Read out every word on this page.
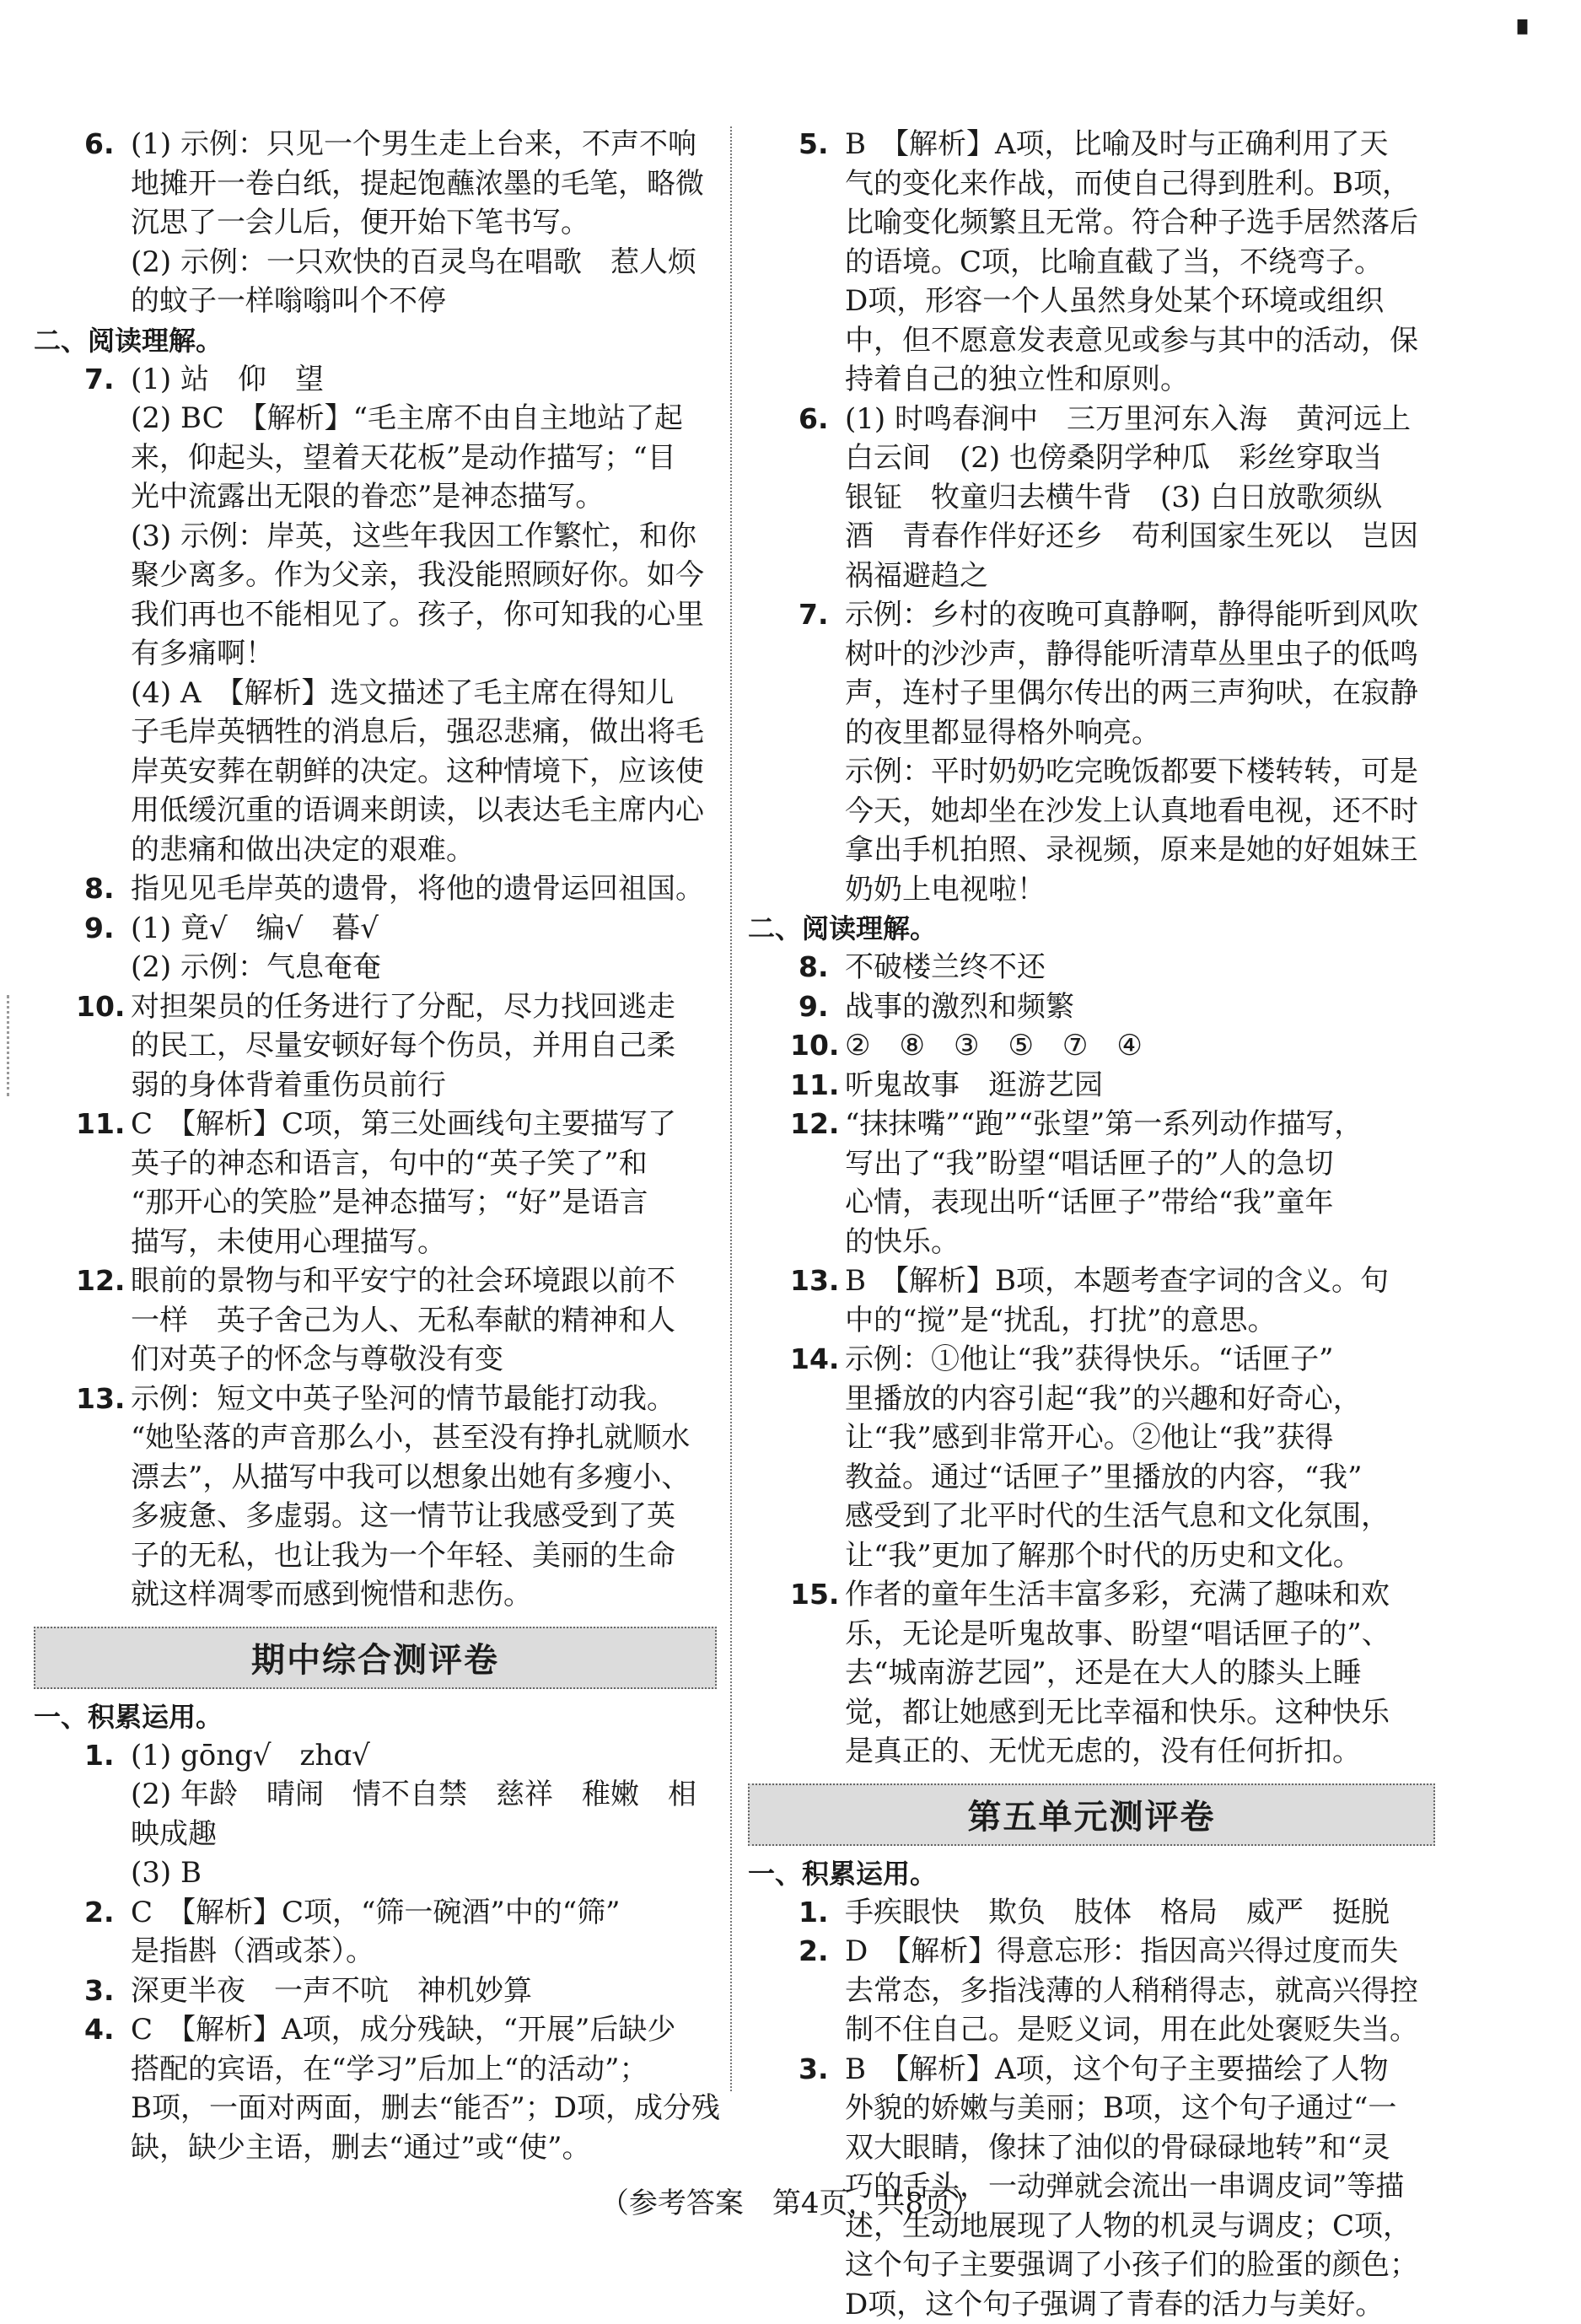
▘
6. (1) 示例：只见一个男生走上台来，不声不响
地摊开一卷白纸，提起饱蘸浓墨的毛笔，略微
沉思了一会儿后，便开始下笔书写。
(2) 示例：一只欢快的百灵鸟在唱歌　惹人烦
的蚊子一样嗡嗡叫个不停
二、阅读理解。
7. (1) 站　仰　望
(2) BC　【解析】“毛主席不由自主地站了起
来，仰起头，望着天花板”是动作描写；“目
光中流露出无限的眷恋”是神态描写。
(3) 示例：岸英，这些年我因工作繁忙，和你
聚少离多。作为父亲，我没能照顾好你。如今
我们再也不能相见了。孩子，你可知我的心里
有多痛啊！
(4) A　【解析】选文描述了毛主席在得知儿
子毛岸英牺牲的消息后，强忍悲痛，做出将毛
岸英安葬在朝鲜的决定。这种情境下，应该使
用低缓沉重的语调来朗读，以表达毛主席内心
的悲痛和做出决定的艰难。
8. 指见见毛岸英的遗骨，将他的遗骨运回祖国。
9. (1) 竟√　编√　暮√
(2) 示例：气息奄奄
10. 对担架员的任务进行了分配，尽力找回逃走
的民工，尽量安顿好每个伤员，并用自己柔
弱的身体背着重伤员前行
11. C　【解析】C项，第三处画线句主要描写了
英子的神态和语言，句中的“英子笑了”和
“那开心的笑脸”是神态描写；“好”是语言
描写，未使用心理描写。
12. 眼前的景物与和平安宁的社会环境跟以前不
一样　英子舍己为人、无私奉献的精神和人
们对英子的怀念与尊敬没有变
13. 示例：短文中英子坠河的情节最能打动我。
“她坠落的声音那么小，甚至没有挣扎就顺水
漂去”，从描写中我可以想象出她有多瘦小、
多疲惫、多虚弱。这一情节让我感受到了英
子的无私，也让我为一个年轻、美丽的生命
就这样凋零而感到惋惜和悲伤。
期中综合测评卷
一、积累运用。
1. (1) gōng√　zhɑ√
(2) 年龄　晴闹　情不自禁　慈祥　稚嫩　相
映成趣
(3) B
2. C　【解析】C项，“筛一碗酒”中的“筛”
是指斟（酒或茶）。
3. 深更半夜　一声不吭　神机妙算
4. C　【解析】A项，成分残缺，“开展”后缺少
搭配的宾语，在“学习”后加上“的活动”；
B项，一面对两面，删去“能否”；D项，成分残
缺，缺少主语，删去“通过”或“使”。
5. B　【解析】A项，比喻及时与正确利用了天
气的变化来作战，而使自己得到胜利。B项，
比喻变化频繁且无常。符合种子选手居然落后
的语境。C项，比喻直截了当，不绕弯子。
D项，形容一个人虽然身处某个环境或组织
中，但不愿意发表意见或参与其中的活动，保
持着自己的独立性和原则。
6. (1) 时鸣春涧中　三万里河东入海　黄河远上
白云间　(2) 也傍桑阴学种瓜　彩丝穿取当
银钲　牧童归去横牛背　(3) 白日放歌须纵
酒　青春作伴好还乡　苟利国家生死以　岂因
祸福避趋之
7. 示例：乡村的夜晚可真静啊，静得能听到风吹
树叶的沙沙声，静得能听清草丛里虫子的低鸣
声，连村子里偶尔传出的两三声狗吠，在寂静
的夜里都显得格外响亮。
示例：平时奶奶吃完晚饭都要下楼转转，可是
今天，她却坐在沙发上认真地看电视，还不时
拿出手机拍照、录视频，原来是她的好姐妹王
奶奶上电视啦！
二、阅读理解。
8. 不破楼兰终不还
9. 战事的激烈和频繁
10. ②　⑧　③　⑤　⑦　④
11. 听鬼故事　逛游艺园
12. “抹抹嘴”“跑”“张望”第一系列动作描写，
写出了“我”盼望“唱话匣子的”人的急切
心情，表现出听“话匣子”带给“我”童年
的快乐。
13. B　【解析】B项，本题考查字词的含义。句
中的“搅”是“扰乱，打扰”的意思。
14. 示例：①他让“我”获得快乐。“话匣子”
里播放的内容引起“我”的兴趣和好奇心，
让“我”感到非常开心。②他让“我”获得
教益。通过“话匣子”里播放的内容，“我”
感受到了北平时代的生活气息和文化氛围，
让“我”更加了解那个时代的历史和文化。
15. 作者的童年生活丰富多彩，充满了趣味和欢
乐，无论是听鬼故事、盼望“唱话匣子的”、
去“城南游艺园”，还是在大人的膝头上睡
觉，都让她感到无比幸福和快乐。这种快乐
是真正的、无忧无虑的，没有任何折扣。
第五单元测评卷
一、积累运用。
1. 手疾眼快　欺负　肢体　格局　威严　挺脱
2. D　【解析】得意忘形：指因高兴得过度而失
去常态，多指浅薄的人稍稍得志，就高兴得控
制不住自己。是贬义词，用在此处褒贬失当。
3. B　【解析】A项，这个句子主要描绘了人物
外貌的娇嫩与美丽；B项，这个句子通过“一
双大眼睛，像抹了油似的骨碌碌地转”和“灵
巧的舌头，一动弹就会流出一串调皮词”等描
述，生动地展现了人物的机灵与调皮；C项，
这个句子主要强调了小孩子们的脸蛋的颜色；
D项，这个句子强调了青春的活力与美好。
（参考答案　第4页，共8页）
